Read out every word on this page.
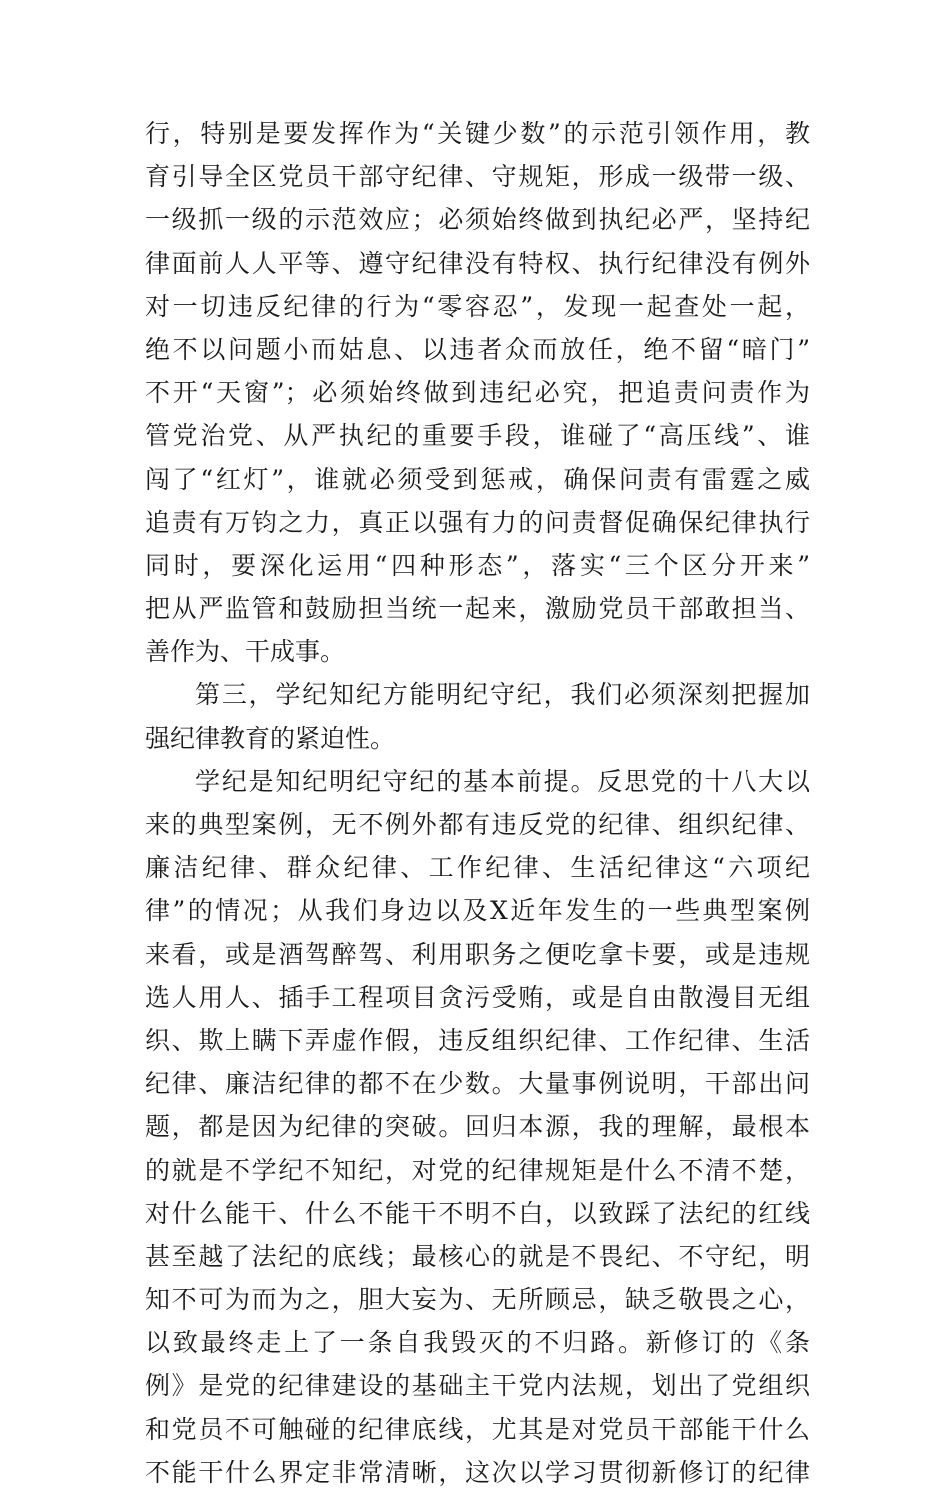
行，特别是要发挥作为“关键少数”的示范引领作用，教
育引导全区党员干部守纪律、守规矩，形成一级带一级、
一级抓一级的示范效应；必须始终做到执纪必严，坚持纪
律面前人人平等、遵守纪律没有特权、执行纪律没有例外
对一切违反纪律的行为“零容忍”，发现一起查处一起，
绝不以问题小而姑息、以违者众而放任，绝不留“暗门”
不开“天窗”；必须始终做到违纪必究，把追责问责作为
管党治党、从严执纪的重要手段，谁碰了“高压线”、谁
闯了“红灯”，谁就必须受到惩戒，确保问责有雷霆之威
追责有万钧之力，真正以强有力的问责督促确保纪律执行
同时，要深化运用“四种形态”，落实“三个区分开来”
把从严监管和鼓励担当统一起来，激励党员干部敢担当、
善作为、干成事。
第三，学纪知纪方能明纪守纪，我们必须深刻把握加
强纪律教育的紧迫性。
学纪是知纪明纪守纪的基本前提。反思党的十八大以
来的典型案例，无不例外都有违反党的纪律、组织纪律、
廉洁纪律、群众纪律、工作纪律、生活纪律这“六项纪
律”的情况；从我们身边以及X近年发生的一些典型案例
来看，或是酒驾醉驾、利用职务之便吃拿卡要，或是违规
选人用人、插手工程项目贪污受贿，或是自由散漫目无组
织、欺上瞒下弄虚作假，违反组织纪律、工作纪律、生活
纪律、廉洁纪律的都不在少数。大量事例说明，干部出问
题，都是因为纪律的突破。回归本源，我的理解，最根本
的就是不学纪不知纪，对党的纪律规矩是什么不清不楚，
对什么能干、什么不能干不明不白，以致踩了法纪的红线
甚至越了法纪的底线；最核心的就是不畏纪、不守纪，明
知不可为而为之，胆大妄为、无所顾忌，缺乏敬畏之心，
以致最终走上了一条自我毁灭的不归路。新修订的《条
例》是党的纪律建设的基础主干党内法规，划出了党组织
和党员不可触碰的纪律底线，尤其是对党员干部能干什么
不能干什么界定非常清晰，这次以学习贯彻新修订的纪律
